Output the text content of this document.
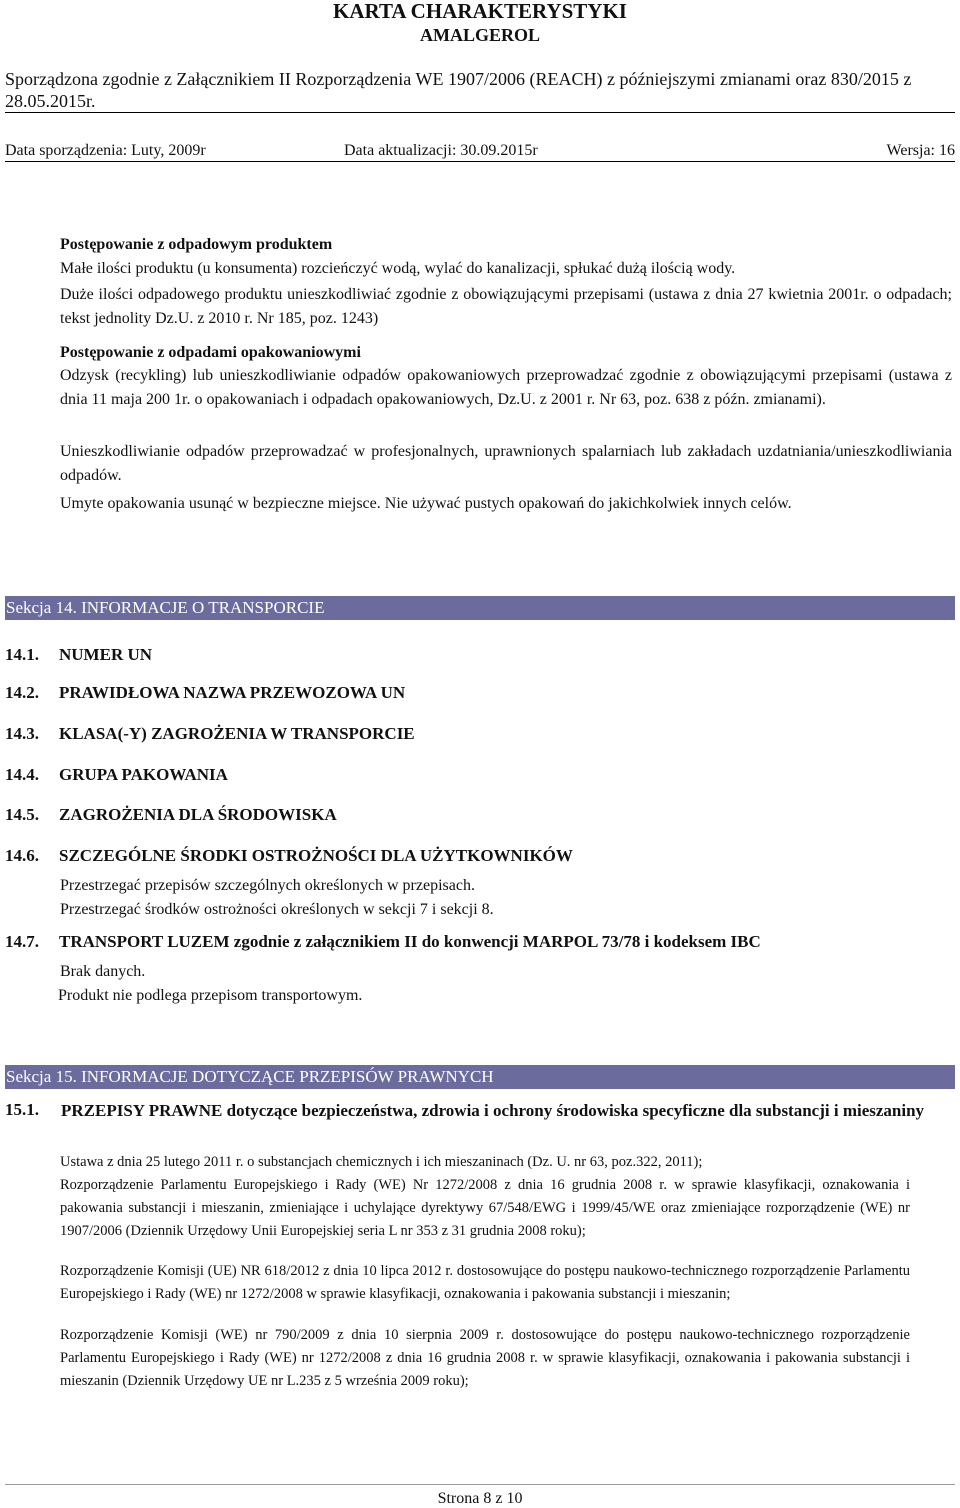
KARTA CHARAKTERYSTYKI
AMALGEROL
Sporządzona zgodnie z Załącznikiem II Rozporządzenia WE 1907/2006 (REACH) z późniejszymi zmianami oraz 830/2015 z 28.05.2015r.
Data sporządzenia: Luty, 2009r	Data aktualizacji: 30.09.2015r	Wersja: 16
Postępowanie z odpadowym produktem
Małe ilości produktu (u konsumenta) rozcieńczyć wodą, wylać do kanalizacji, spłukać dużą ilością wody.
Duże ilości odpadowego produktu unieszkodliwiać zgodnie z obowiązującymi przepisami (ustawa z dnia 27 kwietnia 2001r. o odpadach; tekst jednolity Dz.U. z 2010 r. Nr 185, poz. 1243)
Postępowanie z odpadami opakowaniowymi
Odzysk (recykling) lub unieszkodliwianie odpadów opakowaniowych przeprowadzać zgodnie z obowiązującymi przepisami (ustawa z dnia 11 maja 200 1r. o opakowaniach i odpadach opakowaniowych, Dz.U. z 2001 r. Nr 63, poz. 638 z późn. zmianami).
Unieszkodliwianie odpadów przeprowadzać w profesjonalnych, uprawnionych spalarniach lub zakładach uzdatniania/unieszkodliwiania odpadów.
Umyte opakowania usunąć w bezpieczne miejsce. Nie używać pustych opakowań do jakichkolwiek innych celów.
Sekcja 14. INFORMACJE O TRANSPORCIE
14.1. NUMER UN
14.2. PRAWIDŁOWA NAZWA PRZEWOZOWA UN
14.3. KLASA(-Y) ZAGROŻENIA W TRANSPORCIE
14.4. GRUPA PAKOWANIA
14.5. ZAGROŻENIA DLA ŚRODOWISKA
14.6. SZCZEGÓLNE ŚRODKI OSTROŻNOŚCI DLA UŻYTKOWNIKÓW
Przestrzegać przepisów szczególnych określonych w przepisach.
Przestrzegać środków ostrożności określonych w sekcji 7 i sekcji 8.
14.7. TRANSPORT LUZEM zgodnie z załącznikiem II do konwencji MARPOL 73/78 i kodeksem IBC
Brak danych.
Produkt nie podlega przepisom transportowym.
Sekcja 15. INFORMACJE DOTYCZĄCE PRZEPISÓW PRAWNYCH
15.1.	PRZEPISY PRAWNE dotyczące bezpieczeństwa, zdrowia i ochrony środowiska specyficzne dla substancji i mieszaniny
Ustawa z dnia 25 lutego 2011 r. o substancjach chemicznych i ich mieszaninach (Dz. U. nr 63, poz.322, 2011);
Rozporządzenie Parlamentu Europejskiego i Rady (WE) Nr 1272/2008 z dnia 16 grudnia 2008 r. w sprawie klasyfikacji, oznakowania i pakowania substancji i mieszanin, zmieniające i uchylające dyrektywy 67/548/EWG i 1999/45/WE oraz zmieniające rozporządzenie (WE) nr 1907/2006 (Dziennik Urzędowy Unii Europejskiej seria L nr 353 z 31 grudnia 2008 roku);
Rozporządzenie Komisji (UE) NR 618/2012 z dnia 10 lipca 2012 r. dostosowujące do postępu naukowo-technicznego rozporządzenie Parlamentu Europejskiego i Rady (WE) nr 1272/2008 w sprawie klasyfikacji, oznakowania i pakowania substancji i mieszanin;
Rozporządzenie Komisji (WE) nr 790/2009 z dnia 10 sierpnia 2009 r. dostosowujące do postępu naukowo-technicznego rozporządzenie Parlamentu Europejskiego i Rady (WE) nr 1272/2008 z dnia 16 grudnia 2008 r. w sprawie klasyfikacji, oznakowania i pakowania substancji i mieszanin (Dziennik Urzędowy UE nr L.235 z 5 września 2009 roku);
Strona 8 z 10
